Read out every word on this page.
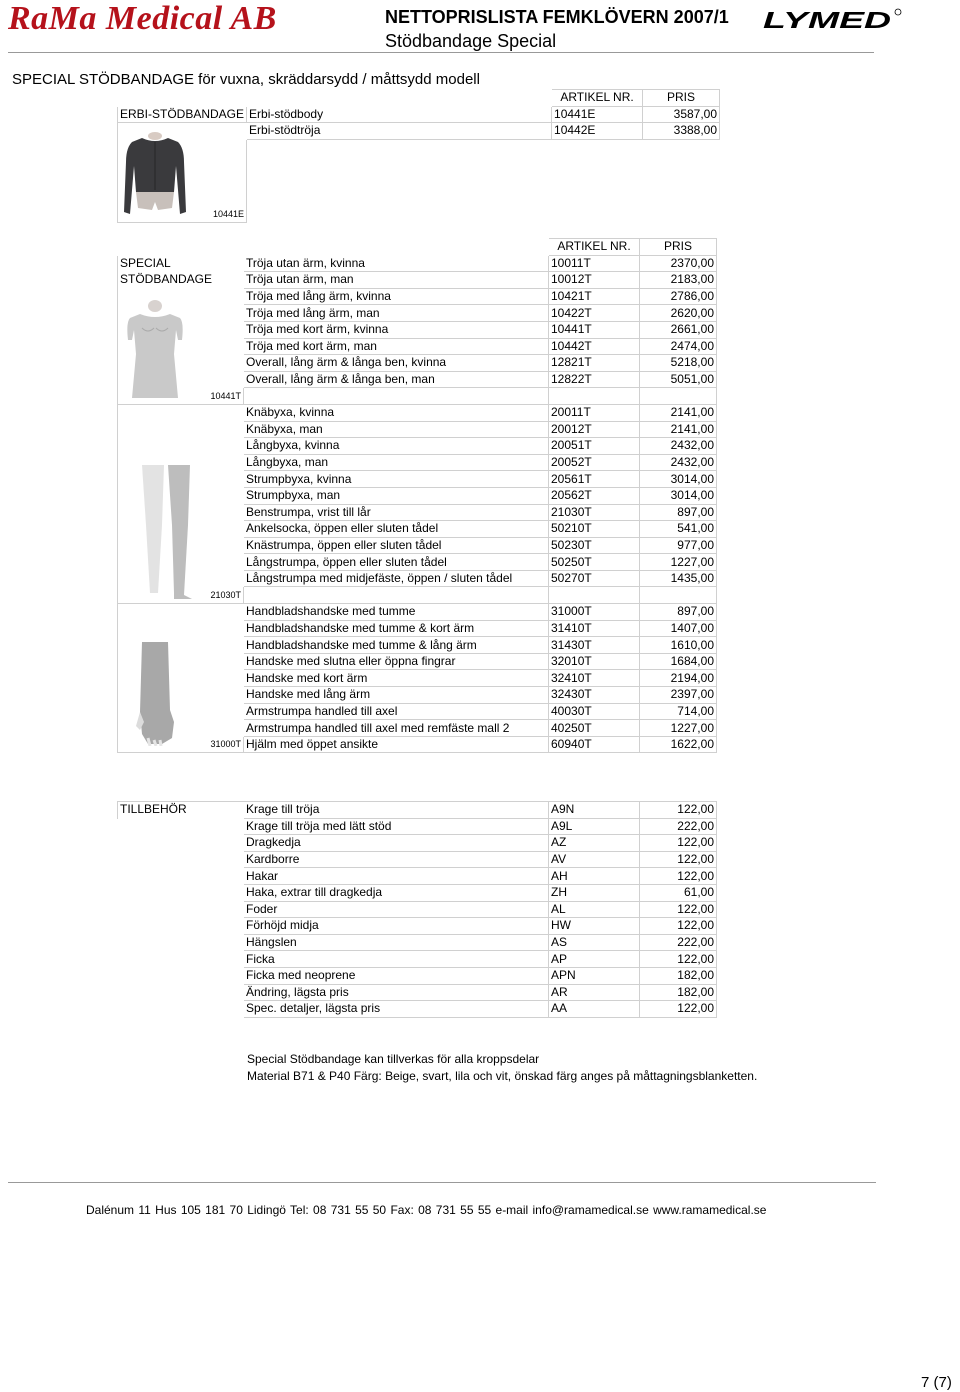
RaMa Medical AB	NETTOPRISLISTA FEMKLÖVERN 2007/1
Stödbandage Special
LYMED
SPECIAL STÖDBANDAGE för vuxna, skräddarsydd / måttsydd modell
		ARTIKEL NR.	PRIS
ERBI-STÖDBANDAGE	Erbi-stödbody	10441E	3587,00
	Erbi-stödtröja	10442E	3388,00
10441E			
		ARTIKEL NR.	PRIS
SPECIAL	Tröja utan ärm, kvinna	10011T	2370,00
STÖDBANDAGE	Tröja utan ärm, man	10012T	2183,00
	Tröja med lång ärm, kvinna	10421T	2786,00
	Tröja med lång ärm, man	10422T	2620,00
	Tröja med kort ärm, kvinna	10441T	2661,00
	Tröja med kort ärm, man	10442T	2474,00
	Overall, lång ärm & långa ben, kvinna	12821T	5218,00
	Overall, lång ärm & långa ben, man	12822T	5051,00
10441T			
	Knäbyxa, kvinna	20011T	2141,00
	Knäbyxa, man	20012T	2141,00
	Långbyxa, kvinna	20051T	2432,00
	Långbyxa, man	20052T	2432,00
	Strumpbyxa, kvinna	20561T	3014,00
	Strumpbyxa, man	20562T	3014,00
	Benstrumpa, vrist till lår	21030T	897,00
	Ankelsocka, öppen eller sluten tådel	50210T	541,00
	Knästrumpa, öppen eller sluten tådel	50230T	977,00
	Långstrumpa, öppen eller sluten tådel	50250T	1227,00
	Långstrumpa med midjefäste, öppen / sluten tådel	50270T	1435,00
21030T			
	Handbladshandske med tumme	31000T	897,00
	Handbladshandske med tumme & kort ärm	31410T	1407,00
	Handbladshandske med tumme & lång ärm	31430T	1610,00
	Handske med slutna eller öppna fingrar	32010T	1684,00
	Handske med kort ärm	32410T	2194,00
	Handske med lång ärm	32430T	2397,00
	Armstrumpa handled till axel	40030T	714,00
	Armstrumpa handled till axel med remfäste mall 2	40250T	1227,00
31000T	Hjälm med öppet ansikte	60940T	1622,00
TILLBEHÖR	Krage till tröja	A9N	122,00
	Krage till tröja med lätt stöd	A9L	222,00
	Dragkedja	AZ	122,00
	Kardborre	AV	122,00
	Hakar	AH	122,00
	Haka, extrar till dragkedja	ZH	61,00
	Foder	AL	122,00
	Förhöjd midja	HW	122,00
	Hängslen	AS	222,00
	Ficka	AP	122,00
	Ficka med neoprene	APN	182,00
	Ändring, lägsta pris	AR	182,00
	Spec. detaljer, lägsta pris	AA	122,00
Special Stödbandage kan tillverkas för alla kroppsdelar
Material B71 & P40 Färg: Beige, svart, lila och vit, önskad färg anges på måttagningsblanketten.
Dalénum 11 Hus 105 181 70 Lidingö Tel: 08 731 55 50 Fax: 08 731 55 55 e-mail info@ramamedical.se www.ramamedical.se
7 (7)
